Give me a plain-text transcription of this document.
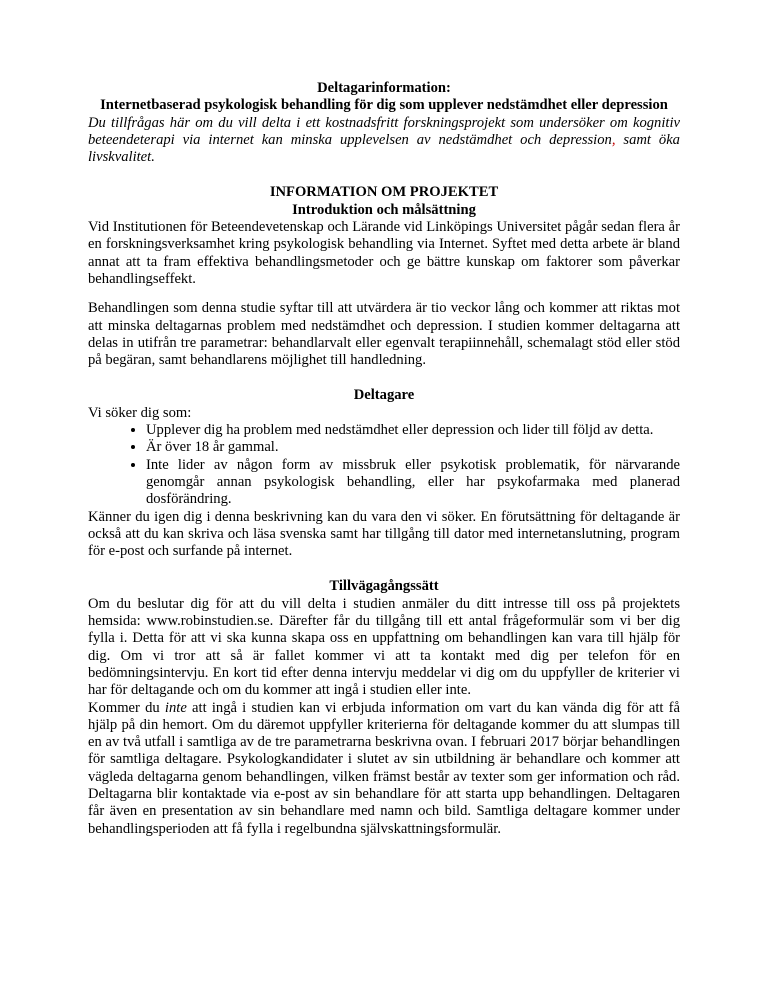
Deltagarinformation:

Internetbaserad psykologisk behandling för dig som upplever nedstämdhet eller depression

Du tillfrågas här om du vill delta i ett kostnadsfritt forskningsprojekt som undersöker om kognitiv beteendeterapi via internet kan minska upplevelsen av nedstämdhet och depression, samt öka livskvalitet.

INFORMATION OM PROJEKTET

Introduktion och målsättning

Vid Institutionen för Beteendevetenskap och Lärande vid Linköpings Universitet pågår sedan flera år en forskningsverksamhet kring psykologisk behandling via Internet. Syftet med detta arbete är bland annat att ta fram effektiva behandlingsmetoder och ge bättre kunskap om faktorer som påverkar behandlingseffekt.

Behandlingen som denna studie syftar till att utvärdera är tio veckor lång och kommer att riktas mot att minska deltagarnas problem med nedstämdhet och depression. I studien kommer deltagarna att delas in utifrån tre parametrar: behandlarvalt eller egenvalt terapiinnehåll, schemalagt stöd eller stöd på begäran, samt behandlarens möjlighet till handledning.

Deltagare

Vi söker dig som:

• Upplever dig ha problem med nedstämdhet eller depression och lider till följd av detta.
• Är över 18 år gammal.
• Inte lider av någon form av missbruk eller psykotisk problematik, för närvarande genomgår annan psykologisk behandling, eller har psykofarmaka med planerad dosförändring.

Känner du igen dig i denna beskrivning kan du vara den vi söker. En förutsättning för deltagande är också att du kan skriva och läsa svenska samt har tillgång till dator med internetanslutning, program för e-post och surfande på internet.

Tillvägagångssätt

Om du beslutar dig för att du vill delta i studien anmäler du ditt intresse till oss på projektets hemsida: www.robinstudien.se. Därefter får du tillgång till ett antal frågeformulär som vi ber dig fylla i. Detta för att vi ska kunna skapa oss en uppfattning om behandlingen kan vara till hjälp för dig. Om vi tror att så är fallet kommer vi att ta kontakt med dig per telefon för en bedömningsintervju. En kort tid efter denna intervju meddelar vi dig om du uppfyller de kriterier vi har för deltagande och om du kommer att ingå i studien eller inte.

Kommer du inte att ingå i studien kan vi erbjuda information om vart du kan vända dig för att få hjälp på din hemort. Om du däremot uppfyller kriterierna för deltagande kommer du att slumpas till en av två utfall i samtliga av de tre parametrarna beskrivna ovan. I februari 2017 börjar behandlingen för samtliga deltagare. Psykologkandidater i slutet av sin utbildning är behandlare och kommer att vägleda deltagarna genom behandlingen, vilken främst består av texter som ger information och råd. Deltagarna blir kontaktade via e-post av sin behandlare för att starta upp behandlingen. Deltagaren får även en presentation av sin behandlare med namn och bild. Samtliga deltagare kommer under behandlingsperioden att få fylla i regelbundna självskattningsformulär.
